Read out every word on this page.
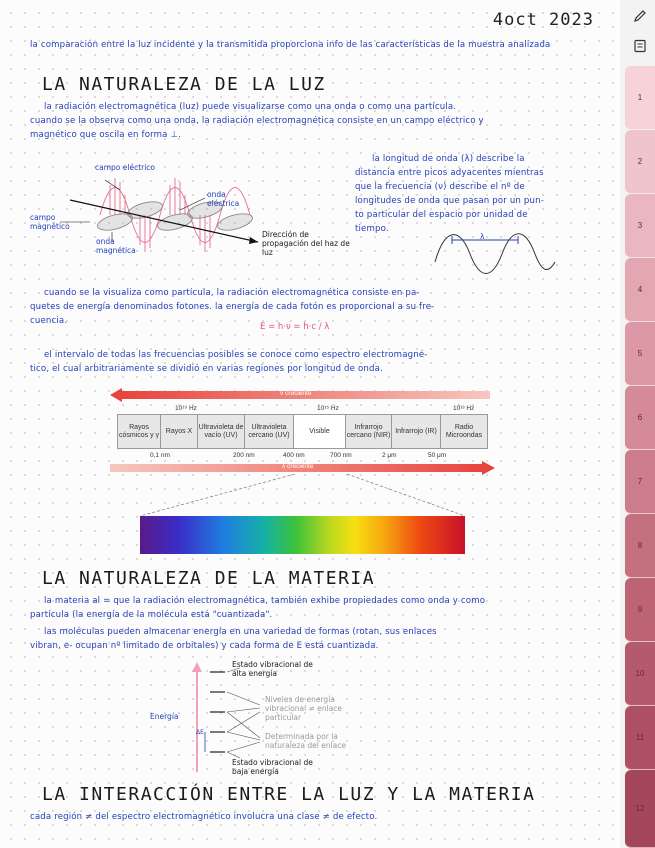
4oct 2023
la comparación entre la luz incidente y la transmitida proporciona info de las características de la muestra analizada
LA NATURALEZA DE LA LUZ
la radiación electromagnética (luz) puede visualizarse como una onda o como una partícula.
cuando se la observa como una onda, la radiación electromagnética consiste en un campo eléctrico y
magnético que oscila en forma ⊥.
campo eléctrico
onda eléctrica
campo magnético
onda magnética
Dirección de propagación del haz de luz
la longitud de onda (λ) describe la
distancia entre picos adyacentes mientras
que la frecuencia (ν) describe el nº de
longitudes de onda que pasan por un pun-
to particular del espacio por unidad de
tiempo.
λ
cuando se la visualiza como partícula, la radiación electromagnética consiste en pa-
quetes de energía denominados fotones. la energía de cada fotón es proporcional a su fre-
cuencia.
E = h·ν = h·c / λ
el intervalo de todas las frecuencias posibles se conoce como espectro electromagné-
tico, el cual arbitrariamente se dividió en varias regiones por longitud de onda.
ν creciente
10¹⁹ Hz	10¹⁵ Hz	10¹³ Hz
Rayos cósmicos y γ
Rayos X
Ultravioleta de vacío (UV)
Ultravioleta cercano (UV)
Visible
Infrarrojo cercano (NIR)
Infrarrojo (IR)
Radio Microondas
0,1 nm	200 nm	400 nm	700 nm	2 μm	50 μm
λ creciente
LA NATURALEZA DE LA MATERIA
la materia al = que la radiación electromagnética, también exhibe propiedades como onda y como
partícula (la energía de la molécula está "cuantizada".
las moléculas pueden almacenar energía en una variedad de formas (rotan, sus enlaces
vibran, e- ocupan nº limitado de orbitales) y cada forma de E está cuantizada.
Energía
ΔE
Estado vibracional de alta energía
Estado vibracional de baja energía
Niveles de energía vibracional ≠ enlace particular
Determinada por la naturaleza del enlace
LA INTERACCIÓN ENTRE LA LUZ Y LA MATERIA
cada región ≠ del espectro electromagnético involucra una clase ≠ de efecto.
1
2
3
4
5
6
7
8
9
10
11
12
